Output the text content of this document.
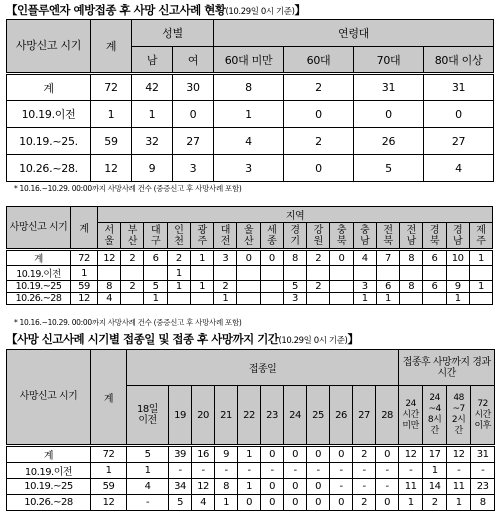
【인플루엔자 예방접종 후 사망 신고사례 현황(10.29일 0시 기준)】
사망신고 시기	계	성별		연령대			
		남	여	60대 미만	60대	70대	80대 이상
계	72	42	30	8	2	31	31
10.19.이전	1	1	0	1	0	0	0
10.19.~25.	59	32	27	4	2	26	27
10.26.~28.	12	9	3	3	0	5	4
* 10.16.~10.29. 00:00까지 사망사례 건수 (중증신고 후 사망사례 포함)
사망신고 시기	계	지역																
		서울	부산	대구	인천	광주	대전	울산	세종	경기	강원	충북	충남	전북	전남	경북	경남	제주
계	72	12	2	6	2	1	3	0	0	8	2	0	4	7	8	6	10	1
10.19.이전	1				1													
10.19.~25	59	8	2	5	1	1	2			5	2		3	6	8	6	9	1
10.26.~28	12	4		1			1			3			1	1			1	
* 10.16.~10.29. 00:00까지 사망사례 건수 (중증신고 후 사망사례 포함)
【사망 신고사례 시기별 접종일 및 접종 후 사망까지 기간(10.29일 0시 기준)】
사망신고 시기	계	접종일											접종후 사망까지 경과 시간			
		18일 이전	19	20	21	22	23	24	25	26	27	28	24시간미만	24~48시간	48~72시간	72시간이후
계	72	5	39	16	9	1	0	0	0	0	2	0	12	17	12	31
10.19.이전	1	1	-	-	-	-	-	-	-	-	-	-	-	1	-	-
10.19.~25	59	4	34	12	8	1	0	0	0	-	-	-	11	14	11	23
10.26.~28	12	-	5	4	1	0	0	0	0	0	2	0	1	2	1	8
